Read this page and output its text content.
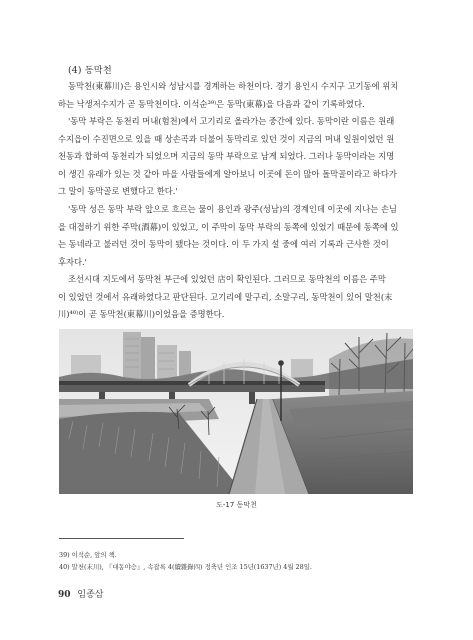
(4) 동막천
동막천(東幕川)은 용인시와 성남시를 경계하는 하천이다. 경기 용인시 수지구 고기동에 위치
하는 낙생저수지가 곧 동막천이다. 이석순³⁹⁾은 동막(東幕)을 다음과 같이 기록하였다.
'동막 부락은 동천리 머내(험천)에서 고기리로 올라가는 중간에 있다. 동막이란 이름은 원래
수지읍이 수진면으로 있을 때 상손곡과 더불어 동막리로 있던 것이 지금의 머내 일원이었던 원
천동과 합하여 동천리가 되었으며 지금의 동막 부락으로 남게 되었다. 그러나 동막이라는 지명
이 생긴 유래가 있는 것 같아 마을 사람들에게 알아보니 이곳에 돈이 많아 돌막골이라고 하다가
그 말이 동막골로 변했다고 한다.'
'동막 성은 동막 부락 앞으로 흐르는 물이 용인과 광주(성남)의 경계인데 이곳에 지나는 손님
을 대접하기 위한 주막(酒幕)이 있었고, 이 주막이 동막 부락의 동쪽에 있었기 때문에 동쪽에 있
는 동네라고 불러던 것이 동막이 됐다는 것이다. 이 두 가지 설 중에 여러 기록과 근사한 것이
후자다.'
조선시대 지도에서 동막천 부근에 있었던 店이 확인된다. 그러므로 동막천의 이름은 주막
이 있었던 것에서 유래하였다고 판단된다. 고기리에 말구리, 소말구리, 동막천이 있어 말천(末
川)⁴⁰⁾이 곧 동막천(東幕川)이었음을 증명한다.
도-17 동막천
39) 이석순, 앞의 책.
40) 말천(末川), 『대동야승』, 속잡록 4(續雜錄四) 정축년 인조 15년(1637년) 4월 28일.
90 임종삼
